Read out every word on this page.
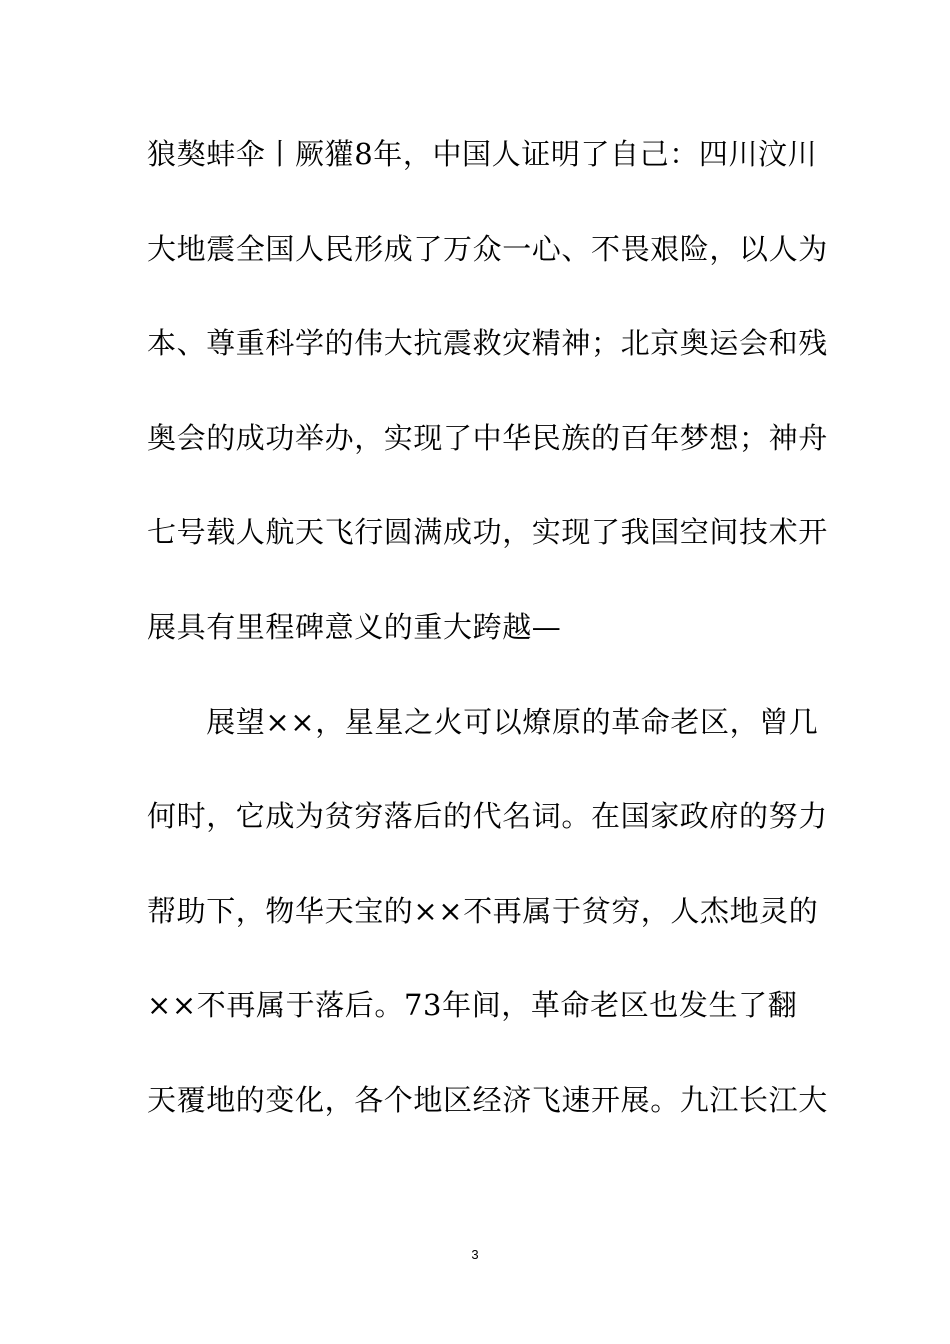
狼獒蚌伞丨厥獾8年，中国人证明了自己：四川汶川
大地震全国人民形成了万众一心、不畏艰险，以人为
本、尊重科学的伟大抗震救灾精神；北京奥运会和残
奥会的成功举办，实现了中华民族的百年梦想；神舟
七号载人航天飞行圆满成功，实现了我国空间技术开
展具有里程碑意义的重大跨越—
　　展望××，星星之火可以燎原的革命老区，曾几
何时，它成为贫穷落后的代名词。在国家政府的努力
帮助下，物华天宝的××不再属于贫穷，人杰地灵的
××不再属于落后。73年间，革命老区也发生了翻
天覆地的变化，各个地区经济飞速开展。九江长江大
3
